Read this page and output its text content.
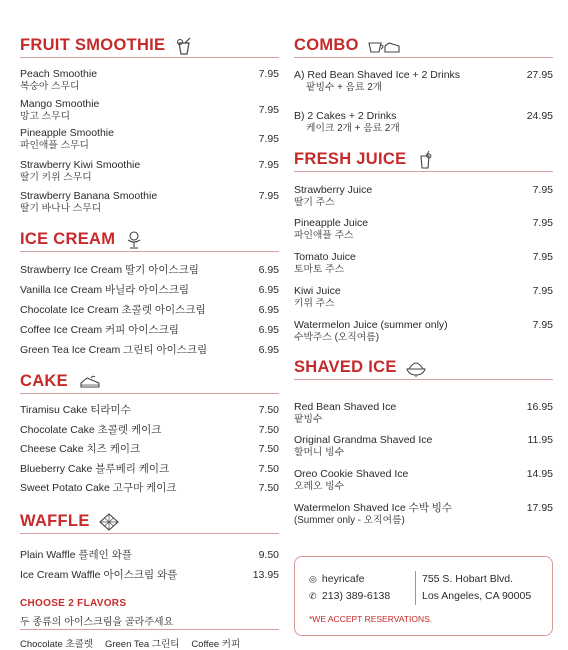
FRUIT SMOOTHIE
Peach Smoothie
복숭아 스무디
7.95
Mango Smoothie
망고 스무디	7.95
Pineapple Smoothie
파인애플 스무디	7.95
Strawberry Kiwi Smoothie
딸기 키위 스무디
7.95
Strawberry Banana Smoothie
딸기 바나나 스무디
7.95
ICE CREAM
Strawberry Ice Cream 딸기 아이스크림	6.95
Vanilla Ice Cream 바닐라 아이스크림	6.95
Chocolate Ice Cream 초콜렛 아이스크림	6.95
Coffee Ice Cream 커피 아이스크림	6.95
Green Tea Ice Cream 그린티 아이스크림	6.95
CAKE
Tiramisu Cake 티라미수	7.50
Chocolate Cake 초콜렛 케이크	7.50
Cheese Cake 치즈 케이크	7.50
Blueberry Cake 블루베리 케이크	7.50
Sweet Potato Cake 고구마 케이크	7.50
WAFFLE
Plain Waffle 플레인 와플	9.50
Ice Cream Waffle 아이스크림 와플	13.95
CHOOSE 2 FLAVORS
두 종류의 아이스크림을 골라주세요
Chocolate 초콜렛 Green Tea 그린티 Coffee 커피
COMBO
A) Red Bean Shaved Ice + 2 Drinks
팥빙수 + 음료 2개
27.95
B) 2 Cakes + 2 Drinks
케이크 2개 + 음료 2개
24.95
FRESH JUICE
Strawberry Juice
딸기 주스
7.95
Pineapple Juice
파인애플 주스
7.95
Tomato Juice
토마토 주스
7.95
Kiwi Juice
키위 주스
7.95
Watermelon Juice (summer only)
수박주스 (오직여름)
7.95
SHAVED ICE
Red Bean Shaved Ice
팥빙수
16.95
Original Grandma Shaved Ice
할머니 빙수
11.95
Oreo Cookie Shaved Ice
오레오 빙수
14.95
Watermelon Shaved Ice 수박 빙수
(Summer only - 오직여름)
17.95
◎ heyricafe
✆ 213) 389-6138
755 S. Hobart Blvd.
Los Angeles, CA 90005
*WE ACCEPT RESERVATIONS.
